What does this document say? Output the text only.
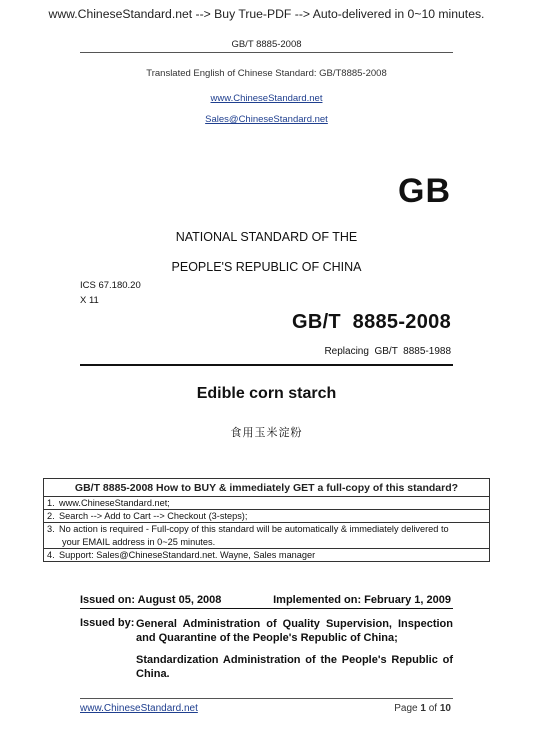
www.ChineseStandard.net --> Buy True-PDF --> Auto-delivered in 0~10 minutes.
GB/T 8885-2008
Translated English of Chinese Standard: GB/T8885-2008
www.ChineseStandard.net
Sales@ChineseStandard.net
GB
NATIONAL STANDARD OF THE
PEOPLE'S REPUBLIC OF CHINA
ICS 67.180.20
X 11
GB/T  8885-2008
Replacing  GB/T  8885-1988
Edible corn starch
食用玉米淀粉
GB/T 8885-2008 How to BUY & immediately GET a full-copy of this standard?
1. www.ChineseStandard.net;
2. Search --> Add to Cart --> Checkout (3-steps);
3. No action is required - Full-copy of this standard will be automatically & immediately delivered to
your EMAIL address in 0~25 minutes.
4. Support: Sales@ChineseStandard.net. Wayne, Sales manager
Issued on: August 05, 2008	Implemented on: February 1, 2009
Issued by: General Administration of Quality Supervision, Inspection and Quarantine of the People's Republic of China;
Standardization Administration of the People's Republic of China.
www.ChineseStandard.net	Page 1 of 10
